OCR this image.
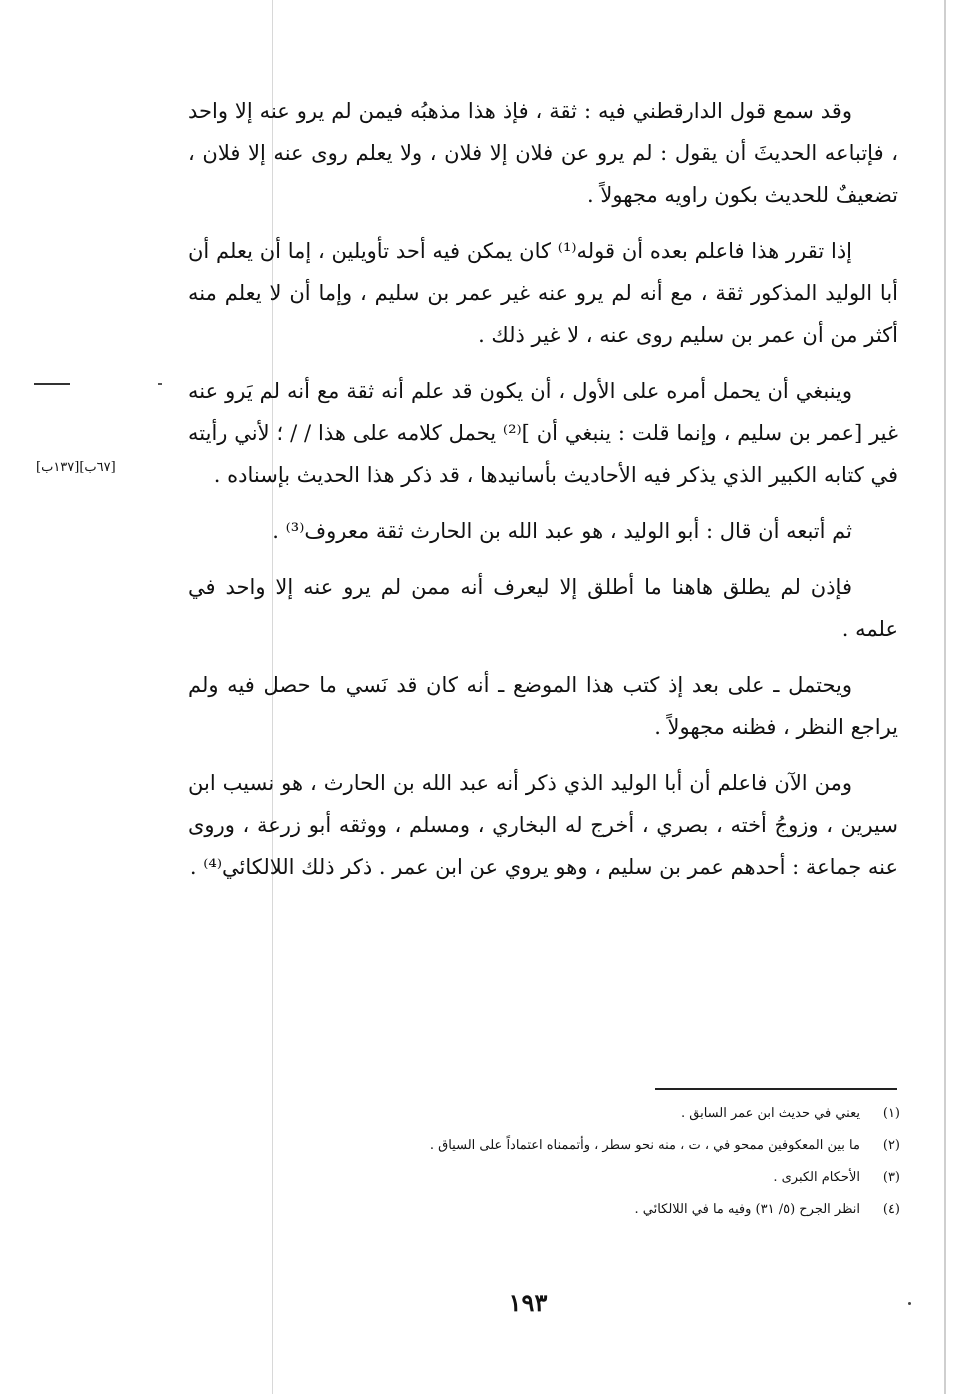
[٦٧ب][١٣٧ب]

وقد سمع قول الدارقطني فيه : ثقة ، فإذ هذا مذهبُه فيمن لم يرو عنه إلا واحد ، فإتباعه الحديثَ أن يقول : لم يرو عن فلان إلا فلان ، ولا يعلم روى عنه إلا فلان ، تضعيفٌ للحديث بكون راويه مجهولاً .

إذا تقرر هذا فاعلم بعده أن قوله⁽¹⁾ كان يمكن فيه أحد تأويلين ، إما أن يعلم أن أبا الوليد المذكور ثقة ، مع أنه لم يرو عنه غير عمر بن سليم ، وإما أن لا يعلم منه أكثر من أن عمر بن سليم روى عنه ، لا غير ذلك .

وينبغي أن يحمل أمره على الأول ، أن يكون قد علم أنه ثقة مع أنه لم يَرو عنه غير [عمر بن سليم ، وإنما قلت : ينبغي أن ]⁽²⁾ يحمل كلامه على هذا / / ؛ لأني رأيته في كتابه الكبير الذي يذكر فيه الأحاديث بأسانيدها ، قد ذكر هذا الحديث بإسناده .

ثم أتبعه أن قال : أبو الوليد ، هو عبد الله بن الحارث ثقة معروف⁽³⁾ .

فإذن لم يطلق هاهنا ما أطلق إلا ليعرف أنه ممن لم يرو عنه إلا واحد في علمه .

ويحتمل ـ على بعد إذ كتب هذا الموضع ـ أنه كان قد نَسي ما حصل فيه ولم يراجع النظر ، فظنه مجهولاً .

ومن الآن فاعلم أن أبا الوليد الذي ذكر أنه عبد الله بن الحارث ، هو نسيب ابن سيرين ، وزوجُ أخته ، بصري ، أخرج له البخاري ، ومسلم ، ووثقه أبو زرعة ، وروى عنه جماعة : أحدهم عمر بن سليم ، وهو يروي عن ابن عمر . ذكر ذلك اللالكائي⁽⁴⁾ .

(١)
يعني في حديث ابن عمر السابق .
(٢)
ما بين المعكوفين ممحو في ، ت ، منه نحو سطر ، وأتممناه اعتماداً على السياق .
(٣)
الأحكام الكبرى .
(٤)
انظر الجرح (٥/ ٣١) وفيه ما في اللالكائي .
١٩٣
